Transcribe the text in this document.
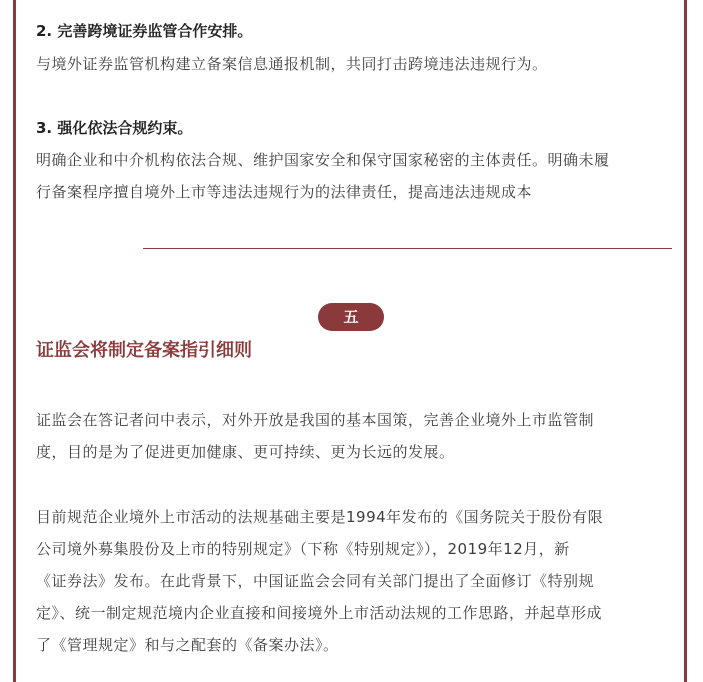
2. 完善跨境证券监管合作安排。
与境外证券监管机构建立备案信息通报机制，共同打击跨境违法违规行为。
3. 强化依法合规约束。
明确企业和中介机构依法合规、维护国家安全和保守国家秘密的主体责任。明确未履
行备案程序擅自境外上市等违法违规行为的法律责任，提高违法违规成本
五
证监会将制定备案指引细则
证监会在答记者问中表示，对外开放是我国的基本国策，完善企业境外上市监管制
度，目的是为了促进更加健康、更可持续、更为长远的发展。
目前规范企业境外上市活动的法规基础主要是1994年发布的《国务院关于股份有限
公司境外募集股份及上市的特别规定》（下称《特别规定》），2019年12月，新
《证券法》发布。在此背景下，中国证监会会同有关部门提出了全面修订《特别规
定》、统一制定规范境内企业直接和间接境外上市活动法规的工作思路，并起草形成
了《管理规定》和与之配套的《备案办法》。
